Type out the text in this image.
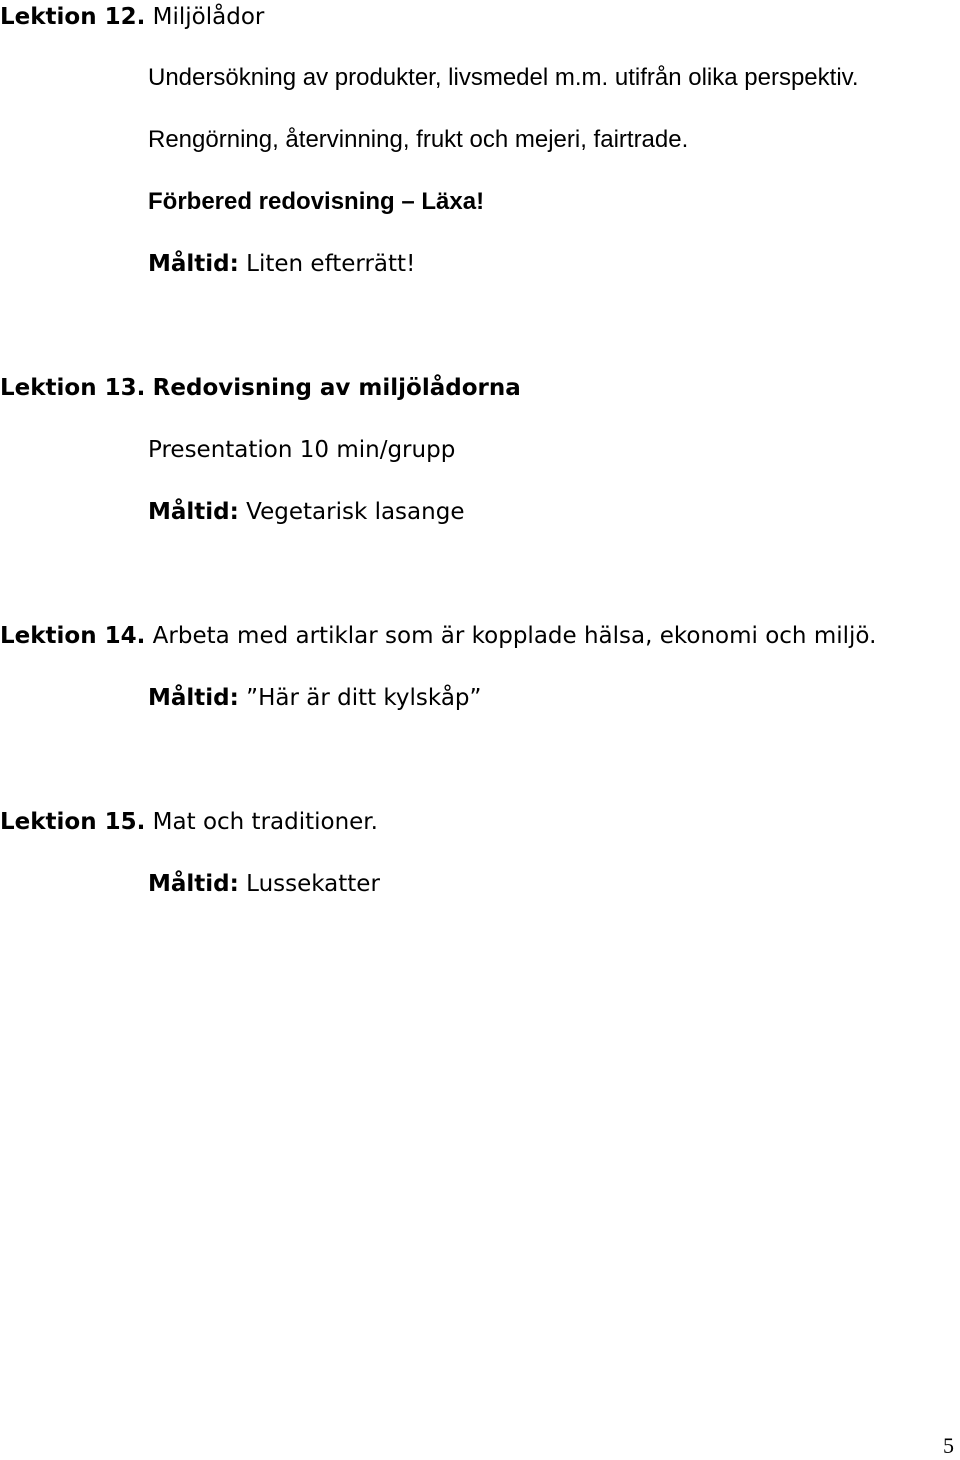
Lektion 12. Miljölådor
Undersökning av produkter, livsmedel m.m. utifrån olika perspektiv.
Rengörning, återvinning, frukt och mejeri, fairtrade.
Förbered redovisning – Läxa!
Måltid: Liten efterrätt!
Lektion 13. Redovisning av miljölådorna
Presentation 10 min/grupp
Måltid: Vegetarisk lasange
Lektion 14. Arbeta med artiklar som är kopplade hälsa, ekonomi och miljö.
Måltid: ”Här är ditt kylskåp”
Lektion 15. Mat och traditioner.
Måltid: Lussekatter
5
